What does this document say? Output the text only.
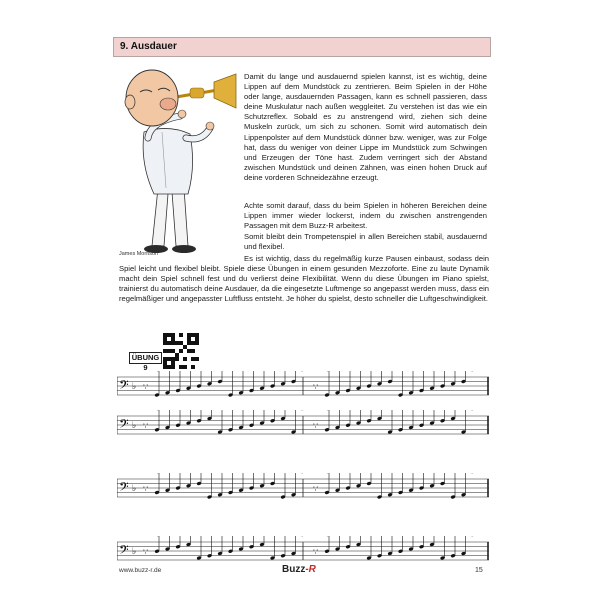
9. Ausdauer
James Morrison

Damit du lange und ausdauernd spielen kannst, ist es wichtig, deine Lippen auf dem Mundstück zu zentrieren. Beim Spielen in der Höhe oder lange, ausdauernden Passagen, kann es schnell passieren, dass deine Muskulatur nach außen weggleitet. Zu verstehen ist das wie ein Schutzreflex. Sobald es zu anstrengend wird, ziehen sich deine Muskeln zurück, um sich zu schonen. Somit wird automatisch dein Lippenpolster auf dem Mundstück dünner bzw. weniger, was zur Folge hat, dass du weniger von deiner Lippe im Mundstück zum Schwingen und Erzeugen der Töne hast. Zudem verringert sich der Abstand zwischen Mundstück und deinen Zähnen, was einen hohen Druck auf deine vorderen Schneidezähne erzeugt.

Achte somit darauf, dass du beim Spielen in höheren Bereichen deine Lippen immer wieder lockerst, indem du zwischen anstrengenden Passagen mit dem Buzz-R arbeitest.

Somit bleibt dein Trompetenspiel in allen Bereichen stabil, ausdauernd und flexibel.

Es ist wichtig, dass du regelmäßig kurze Pausen einbaust, sodass dein Spiel leicht und flexibel bleibt. Spiele diese Übungen in einem gesunden Mezzoforte. Eine zu laute Dynamik macht dein Spiel schnell fest und du verlierst deine Flexibilität. Wenn du diese Übungen im Piano spielst, trainierst du automatisch deine Ausdauer, da die eingesetzte Luftmenge so angepasst werden muss, dass ein regelmäßiger und angepasster Luftfluss entsteht. Je höher du spielst, desto schneller die Luftgeschwindigkeit.

ÜBUNG 9
𝄢 ♭ ∵	∵
𝄢 ♭ ∵	∵
𝄢 ♭ ∵	∵
𝄢 ♭ ∵	∵
www.buzz-r.de	Buzz-R	15
